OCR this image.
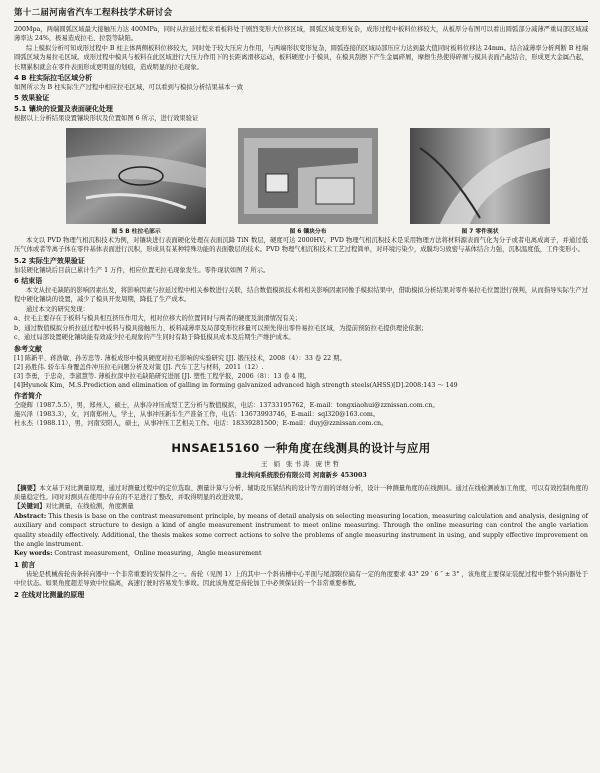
第十二届河南省汽车工程科技学术研讨会

200Mpa，两端圆弧区域最大接触压力达 400MPa，同时从拉延过程来看板料处于剧烈变形大位移区域，圆弧区域变形复杂，成形过程中板料位移较大，从板厚分布图可以看出圆弧部分减薄严重局部区域减薄率达 24%，极易造成拉毛、拉裂等缺陷。

综上模拟分析可知成形过程中 B 柱主体两侧板料位移较大，同时处于较大压应力作用，与两端形状变形复杂，圆弧连接的区域局部压应力达到最大值同时板料位移达 24mm。结合减薄率分析判断 B 柱端圆弧区域为易拉毛区域。成形过程中模具与板料在此区域进行大压力作用下的长距离滑移运动，板料硬度小于模具，在模具刮擦下产生金属碎屑，摩擦生热使得碎屑与模具表面凸起结合，形成更大金属凸起，长期累积就会在零件表面形成更明显的划痕，造成明显的拉毛现象。

4 B 柱实际拉毛区域分析

如图所示为 B 柱实际生产过程中相应拉毛区域，可以看到与模拟分析结果基本一致

5 效果验证

5.1 镶块的设置及表面硬化处理

根据以上分析结果设置镶块形状及位置如图 6 所示，进行效果验证

图 5 B 柱拉毛部示	图 6 镶块分布	图 7 零件现状

本文以 PVD 物理气相沉积技术为例，对镶块进行表面硬化处理在表面沉降 TiN 数层，硬度可达 2000HV。PVD 物理气相沉积技术是采用物理方法将材料源表面气化为分子或者电离成离子，并通过低压气体或者等离子体在零件基体表面进行沉积，形成具有某种特殊功能的表面數层的技术。PVD 物理气相沉积技术工艺过程简单，对环境污染少，成膜均匀致密与基体结合力强，沉积温度低，工件变形小。

5.2 实际生产效果验证

加装硬化镶块后目前已累计生产 1 万件，相应位置无拉毛现象发生。零件现状如图 7 所示。

6 结束语

本文从拉毛缺陷的影响因素出发，将影响因素与拉延过程中相关参数进行关联，结合数值模拟技术将相关影响因素同像手模拟结果中，借助模拟分析结果对零件易拉毛位置进行预判，从而指导实际生产过程中硬化镶块的设置，减少了模具开发周期，降低了生产成本。

通过本文的研究发现：

a、拉毛主要存在于板料与模具相互挤压作用大，相对位移大的位置同时与两者的硬度及润滑情况有关；

b、通过数值模拟分析拉延过程中板料与模具接触压力、板料减薄率及局部变形位移量可以预先得出零件易拉毛区域，为提前预防拉毛提供理论依据；

c、通过局部设置硬化镶块能有效减少拉毛现象的产生同时有助于降低模具成本及后期生产维护成本。

参考文献

[1] 陈新平、蒋浩敏、孙芳忠等. 薄板成形中模具硬度对拉毛影响的实验研究 [J]. 锻压技术，2008（4）：33 卷 22 期。

[2] 孙胜伟. 轿车车身覆盖件冲压拉毛问题分析及对策 [J]. 汽车工艺与材料，2011（12）.

[3] 李勇，于忠奇，李淑慧等. 薄板拉深中拉毛缺陷研究进展 [J]. 塑性工程学报，2006（8）：13 卷 4 期。

[4]Hyunok Kim，M.S.Prediction and elimination of galling in forming galvanized advanced high strength steels(AHSS)[D].2008:143 ～ 149

作者简介

仝晓辉（1987.5.5），男，郑州人，硕士，从事冷冲压成型工艺分析与数值模拟，电话：13733195762，E-mail：tongxiaohui@zznissan.com.cn。

施兴泽（1983.3），女，河南郑州人，学士，从事冲压新车生产准备工作，电话：13673993746，E-mail：sql320@163.com。

杜永杰（1988.11），男，河南安阳人，硕士，从事冲压工艺相关工作。电话：18339281500；E-mail：duyj@zznissan.com.cn。

HNSAE15160 一种角度在线测具的设计与应用
王 娟 张书涛 庞世哲
豫北转向系统股份有限公司 河南新乡 453003

【摘要】本文基于对比测量原理，通过对测量过程中的定位选取、测量计算与分析、辅助及压紧结构的设计等方面的详细分析，设计一种测量角度的在线测具。通过在线检测被加工角度，可以有效控制角度的质量稳定性。同时对测具在使用中存在的不足进行了整改，并取得明显的改进效果。

【关键词】对比测量，在线检测，角度测量

Abstract: This thesis is base on the contrast measurement principle, by means of detail analysis on selecting measuring location, measuring calculation and analysis, designing of auxiliary and compact structure to design a kind of angle measurement instrument to meet online measuring. Through the online measuring can control the angle variation quality steadily effectively. Additional, the thesis makes some correct actions to solve the problems of angle measuring instrument in using, and supply effective improvement on the angle instrument.

Key words: Contrast measurement，Online measuring，Angle measurement

1 前言

齿轮是机械齿轮齿条转向器中一个非常重要的安保件之一。齿轮（见图 1）上的其中一个斜齿槽中心平面与尾部限位扁有一定的角度要求 43° 29 ′ 6 ″ ± 3° ，该角度主要保证装配过程中整个转向器处于中位状态。如果角度超差导致中位偏离，高速行驶时容易发生事故。因此该角度是齿轮加工中必须保证的一个非常重要参数。

2 在线对比测量的原理
